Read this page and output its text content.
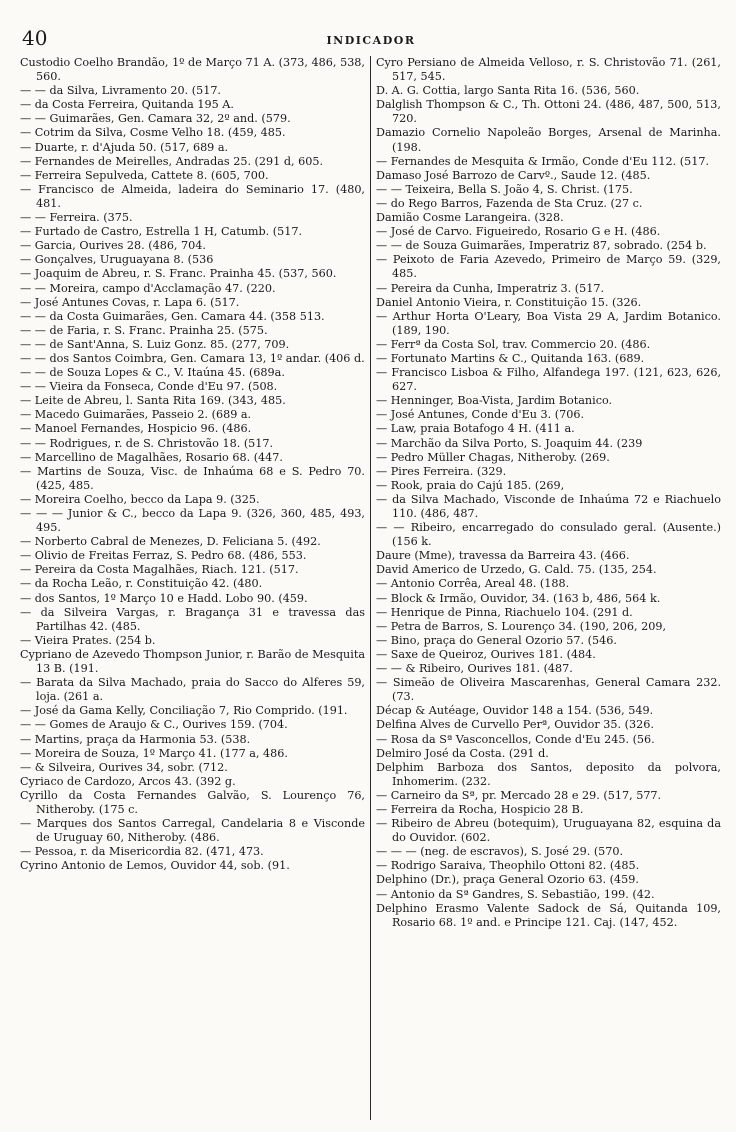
40	INDICADOR

Custodio Coelho Brandão, 1º de Março 71 A. (373, 486, 538, 560.

— — da Silva, Livramento 20. (517.

— da Costa Ferreira, Quitanda 195 A.

— — Guimarães, Gen. Camara 32, 2º and. (579.

— Cotrim da Silva, Cosme Velho 18. (459, 485.

— Duarte, r. d'Ajuda 50. (517, 689 a.

— Fernandes de Meirelles, Andradas 25. (291 d, 605.

— Ferreira Sepulveda, Cattete 8. (605, 700.

— Francisco de Almeida, ladeira do Seminario 17. (480, 481.

— — Ferreira. (375.

— Furtado de Castro, Estrella 1 H, Catumb. (517.

— Garcia, Ourives 28. (486, 704.

— Gonçalves, Uruguayana 8. (536

— Joaquim de Abreu, r. S. Franc. Prainha 45. (537, 560.

— — Moreira, campo d'Acclamação 47. (220.

— José Antunes Covas, r. Lapa 6. (517.

— — da Costa Guimarães, Gen. Camara 44. (358 513.

— — de Faria, r. S. Franc. Prainha 25. (575.

— — de Sant'Anna, S. Luiz Gonz. 85. (277, 709.

— — dos Santos Coimbra, Gen. Camara 13, 1º andar. (406 d.

— — de Souza Lopes & C., V. Itaúna 45. (689a.

— — Vieira da Fonseca, Conde d'Eu 97. (508.

— Leite de Abreu, l. Santa Rita 169. (343, 485.

— Macedo Guimarães, Passeio 2. (689 a.

— Manoel Fernandes, Hospicio 96. (486.

— — Rodrigues, r. de S. Christovão 18. (517.

— Marcellino de Magalhães, Rosario 68. (447.

— Martins de Souza, Visc. de Inhaúma 68 e S. Pedro 70. (425, 485.

— Moreira Coelho, becco da Lapa 9. (325.

— — — Junior & C., becco da Lapa 9. (326, 360, 485, 493, 495.

— Norberto Cabral de Menezes, D. Feliciana 5. (492.

— Olivio de Freitas Ferraz, S. Pedro 68. (486, 553.

— Pereira da Costa Magalhães, Riach. 121. (517.

— da Rocha Leão, r. Constituição 42. (480.

— dos Santos, 1º Março 10 e Hadd. Lobo 90. (459.

— da Silveira Vargas, r. Bragança 31 e travessa das Partilhas 42. (485.

— Vieira Prates. (254 b.

Cypriano de Azevedo Thompson Junior, r. Barão de Mesquita 13 B. (191.

— Barata da Silva Machado, praia do Sacco do Alferes 59, loja. (261 a.

— José da Gama Kelly, Conciliação 7, Rio Comprido. (191.

— — Gomes de Araujo & C., Ourives 159. (704.

— Martins, praça da Harmonia 53. (538.

— Moreira de Souza, 1º Março 41. (177 a, 486.

— & Silveira, Ourives 34, sobr. (712.

Cyriaco de Cardozo, Arcos 43. (392 g.

Cyrillo da Costa Fernandes Galvão, S. Lourenço 76, Nitheroby. (175 c.

— Marques dos Santos Carregal, Candelaria 8 e Visconde de Uruguay 60, Nitheroby. (486.

— Pessoa, r. da Misericordia 82. (471, 473.

Cyrino Antonio de Lemos, Ouvidor 44, sob. (91.

Cyro Persiano de Almeida Velloso, r. S. Christovão 71. (261, 517, 545.

D. A. G. Cottia, largo Santa Rita 16. (536, 560.

Dalglish Thompson & C., Th. Ottoni 24. (486, 487, 500, 513, 720.

Damazio Cornelio Napoleão Borges, Arsenal de Marinha. (198.

— Fernandes de Mesquita & Irmão, Conde d'Eu 112. (517.

Damaso José Barrozo de Carvº., Saude 12. (485.

— — Teixeira, Bella S. João 4, S. Christ. (175.

— do Rego Barros, Fazenda de Sta Cruz. (27 c.

Damião Cosme Larangeira. (328.

— José de Carvo. Figueiredo, Rosario G e H. (486.

— — de Souza Guimarães, Imperatriz 87, sobrado. (254 b.

— Peixoto de Faria Azevedo, Primeiro de Março 59. (329, 485.

— Pereira da Cunha, Imperatriz 3. (517.

Daniel Antonio Vieira, r. Constituição 15. (326.

— Arthur Horta O'Leary, Boa Vista 29 A, Jardim Botanico. (189, 190.

— Ferrª da Costa Sol, trav. Commercio 20. (486.

— Fortunato Martins & C., Quitanda 163. (689.

— Francisco Lisboa & Filho, Alfandega 197. (121, 623, 626, 627.

— Henninger, Boa-Vista, Jardim Botanico.

— José Antunes, Conde d'Eu 3. (706.

— Law, praia Botafogo 4 H. (411 a.

— Marchão da Silva Porto, S. Joaquim 44. (239

— Pedro Müller Chagas, Nitheroby. (269.

— Pires Ferreira. (329.

— Rook, praia do Cajú 185. (269,

— da Silva Machado, Visconde de Inhaúma 72 e Riachuelo 110. (486, 487.

— — Ribeiro, encarregado do consulado geral. (Ausente.) (156 k.

Daure (Mme), travessa da Barreira 43. (466.

David Americo de Urzedo, G. Cald. 75. (135, 254.

— Antonio Corrêa, Areal 48. (188.

— Block & Irmão, Ouvidor, 34. (163 b, 486, 564 k.

— Henrique de Pinna, Riachuelo 104. (291 d.

— Petra de Barros, S. Lourenço 34. (190, 206, 209,

— Bino, praça do General Ozorio 57. (546.

— Saxe de Queiroz, Ourives 181. (484.

— — & Ribeiro, Ourives 181. (487.

— Simeão de Oliveira Mascarenhas, General Camara 232. (73.

Décap & Autéage, Ouvidor 148 a 154. (536, 549.

Delfina Alves de Curvello Perª, Ouvidor 35. (326.

— Rosa da Sª Vasconcellos, Conde d'Eu 245. (56.

Delmiro José da Costa. (291 d.

Delphim Barboza dos Santos, deposito da polvora, Inhomerim. (232.

— Carneiro da Sª, pr. Mercado 28 e 29. (517, 577.

— Ferreira da Rocha, Hospicio 28 B.

— Ribeiro de Abreu (botequim), Uruguayana 82, esquina da do Ouvidor. (602.

— — — (neg. de escravos), S. José 29. (570.

— Rodrigo Saraiva, Theophilo Ottoni 82. (485.

Delphino (Dr.), praça General Ozorio 63. (459.

— Antonio da Sª Gandres, S. Sebastião, 199. (42.

Delphino Erasmo Valente Sadock de Sá, Quitanda 109, Rosario 68. 1º and. e Principe 121. Caj. (147, 452.
